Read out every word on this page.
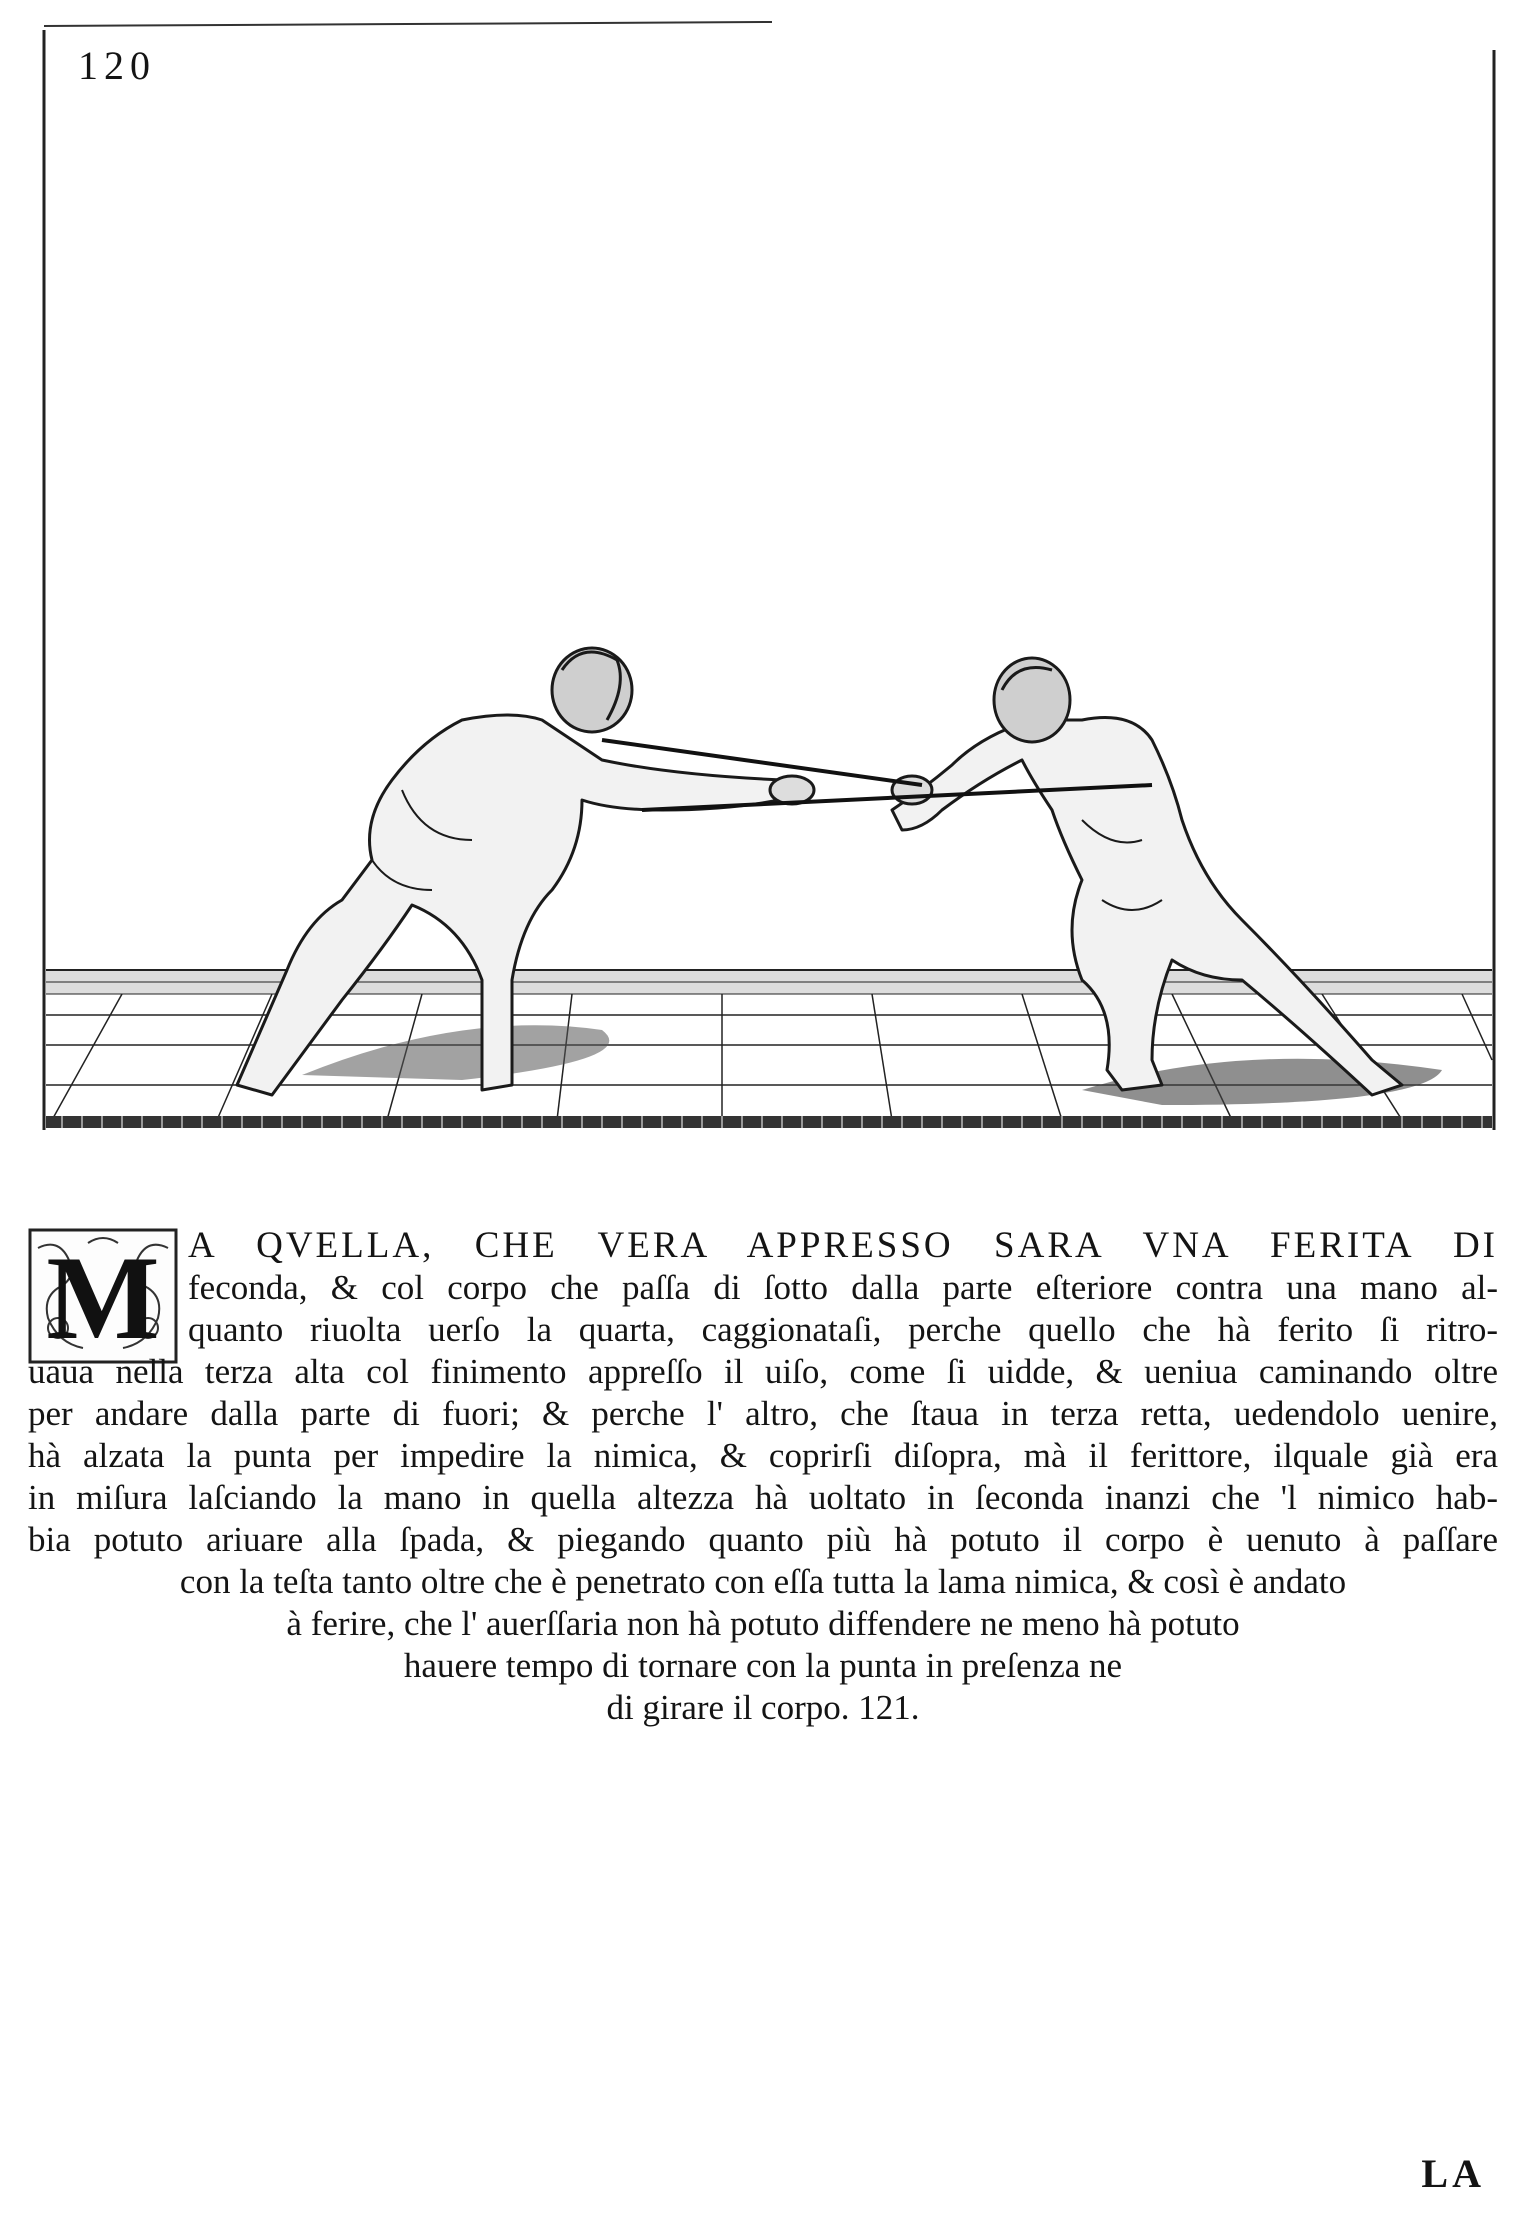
120
M A QVELLA, CHE VERA APPRESSO SARA VNA FERITA DI
feconda, & col corpo che paſſa di ſotto dalla parte eſteriore contra una mano al-
quanto riuolta uerſo la quarta, caggionataſi, perche quello che hà ferito ſi ritro-
uaua nella terza alta col finimento appreſſo il uiſo, come ſi uidde, & ueniua caminando oltre
per andare dalla parte di fuori; & perche l' altro, che ſtaua in terza retta, uedendolo uenire,
hà alzata la punta per impedire la nimica, & coprirſi diſopra, mà il ferittore, ilquale già era
in miſura laſciando la mano in quella altezza hà uoltato in ſeconda inanzi che 'l nimico hab-
bia potuto ariuare alla ſpada, & piegando quanto più hà potuto il corpo è uenuto à paſſare
con la teſta tanto oltre che è penetrato con eſſa tutta la lama nimica, & così è andato
à ferire, che l' auerſſaria non hà potuto diffendere ne meno hà potuto
hauere tempo di tornare con la punta in preſenza ne
di girare il corpo. 121.
LA
